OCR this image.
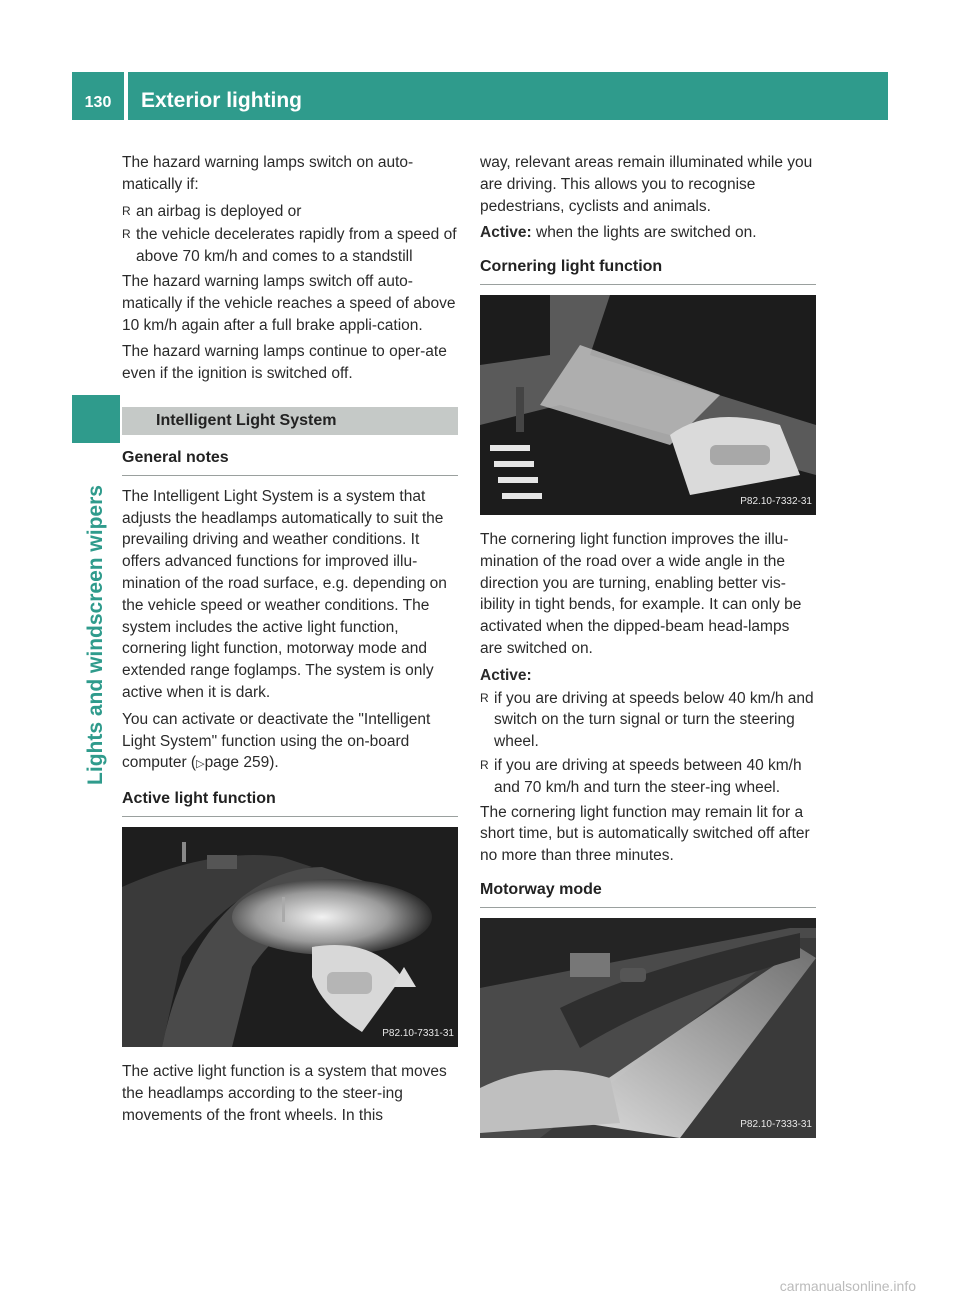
130	Exterior lighting
Lights and windscreen wipers

The hazard warning lamps switch on auto-matically if:

R an airbag is deployed or
R the vehicle decelerates rapidly from a speed of above 70 km/h and comes to a standstill

The hazard warning lamps switch off auto-matically if the vehicle reaches a speed of above 10 km/h again after a full brake appli-cation.

The hazard warning lamps continue to oper-ate even if the ignition is switched off.

Intelligent Light System
General notes

The Intelligent Light System is a system that adjusts the headlamps automatically to suit the prevailing driving and weather conditions. It offers advanced functions for improved illu-mination of the road surface, e.g. depending on the vehicle speed or weather conditions. The system includes the active light function, cornering light function, motorway mode and extended range foglamps. The system is only active when it is dark.

You can activate or deactivate the "Intelligent Light System" function using the on-board computer (▷page 259).

Active light function
P82.10-7331-31

The active light function is a system that moves the headlamps according to the steer-ing movements of the front wheels. In this

way, relevant areas remain illuminated while you are driving. This allows you to recognise pedestrians, cyclists and animals.

Active: when the lights are switched on.

Cornering light function
P82.10-7332-31

The cornering light function improves the illu-mination of the road over a wide angle in the direction you are turning, enabling better vis-ibility in tight bends, for example. It can only be activated when the dipped-beam head-lamps are switched on.

Active:

R if you are driving at speeds below 40 km/h and switch on the turn signal or turn the steering wheel.
R if you are driving at speeds between 40 km/h and 70 km/h and turn the steer-ing wheel.

The cornering light function may remain lit for a short time, but is automatically switched off after no more than three minutes.

Motorway mode
P82.10-7333-31
carmanualsonline.info
